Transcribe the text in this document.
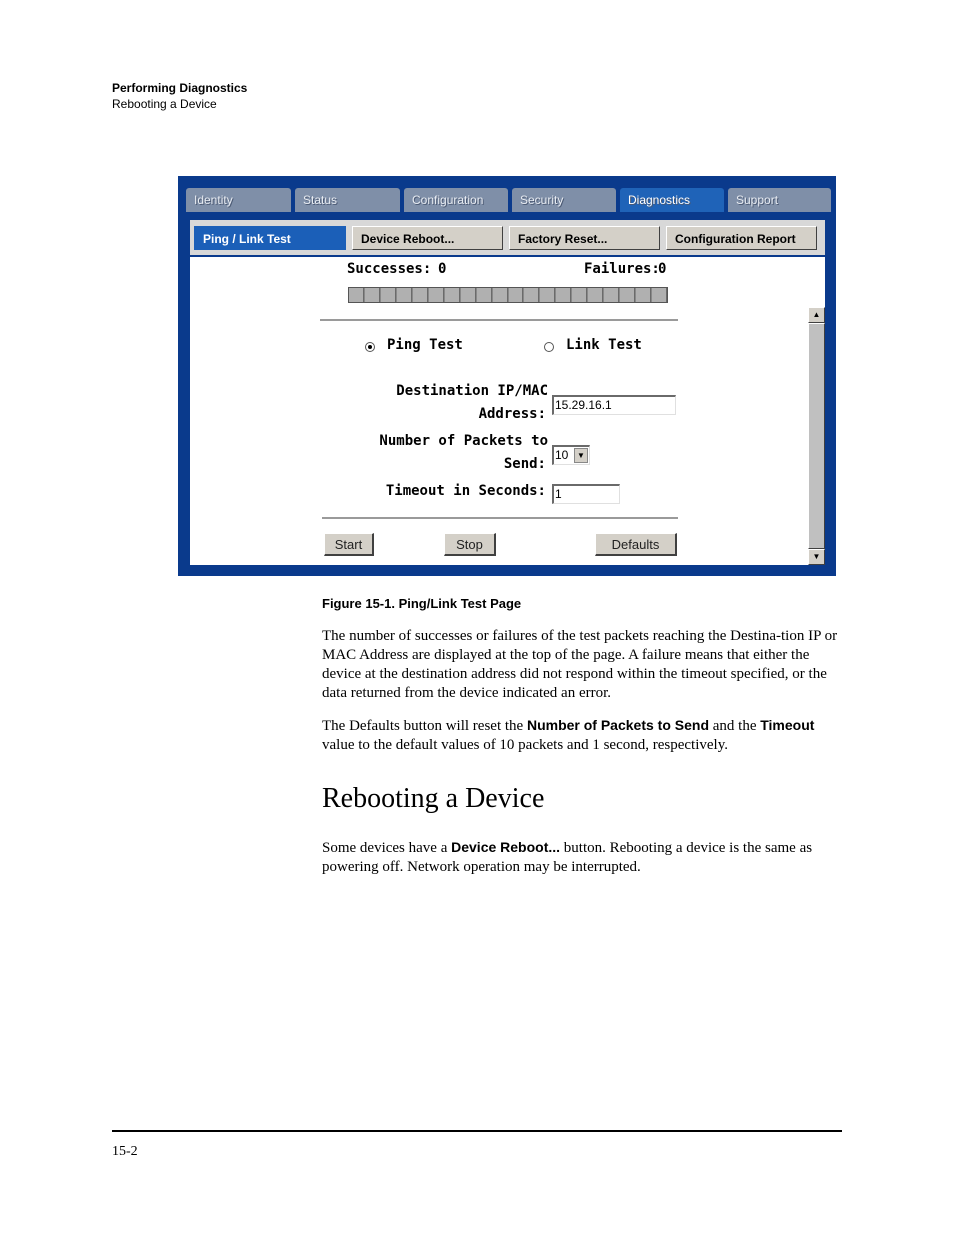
Performing Diagnostics
Rebooting a Device
Identity	Status	Configuration	Security	Diagnostics	Support
Ping / Link Test	Device Reboot...	Factory Reset...	Configuration Report
Successes: 0	Failures:
0
Ping Test	Link Test
Destination IP/MAC
Address:
15.29.16.1
Number of Packets to
Send:
10	▼
Timeout in Seconds: 1
Start	Stop	Defaults
▲
▼
Figure 15-1. Ping/Link Test Page

The number of successes or failures of the test packets reaching the Destina-tion IP or MAC Address are displayed at the top of the page. A failure means that either the device at the destination address did not respond within the timeout specified, or the data returned from the device indicated an error.

The Defaults button will reset the Number of Packets to Send and the Timeout value to the default values of 10 packets and 1 second, respectively.

Rebooting a Device

Some devices have a Device Reboot... button. Rebooting a device is the same as powering off. Network operation may be interrupted.

15-2
